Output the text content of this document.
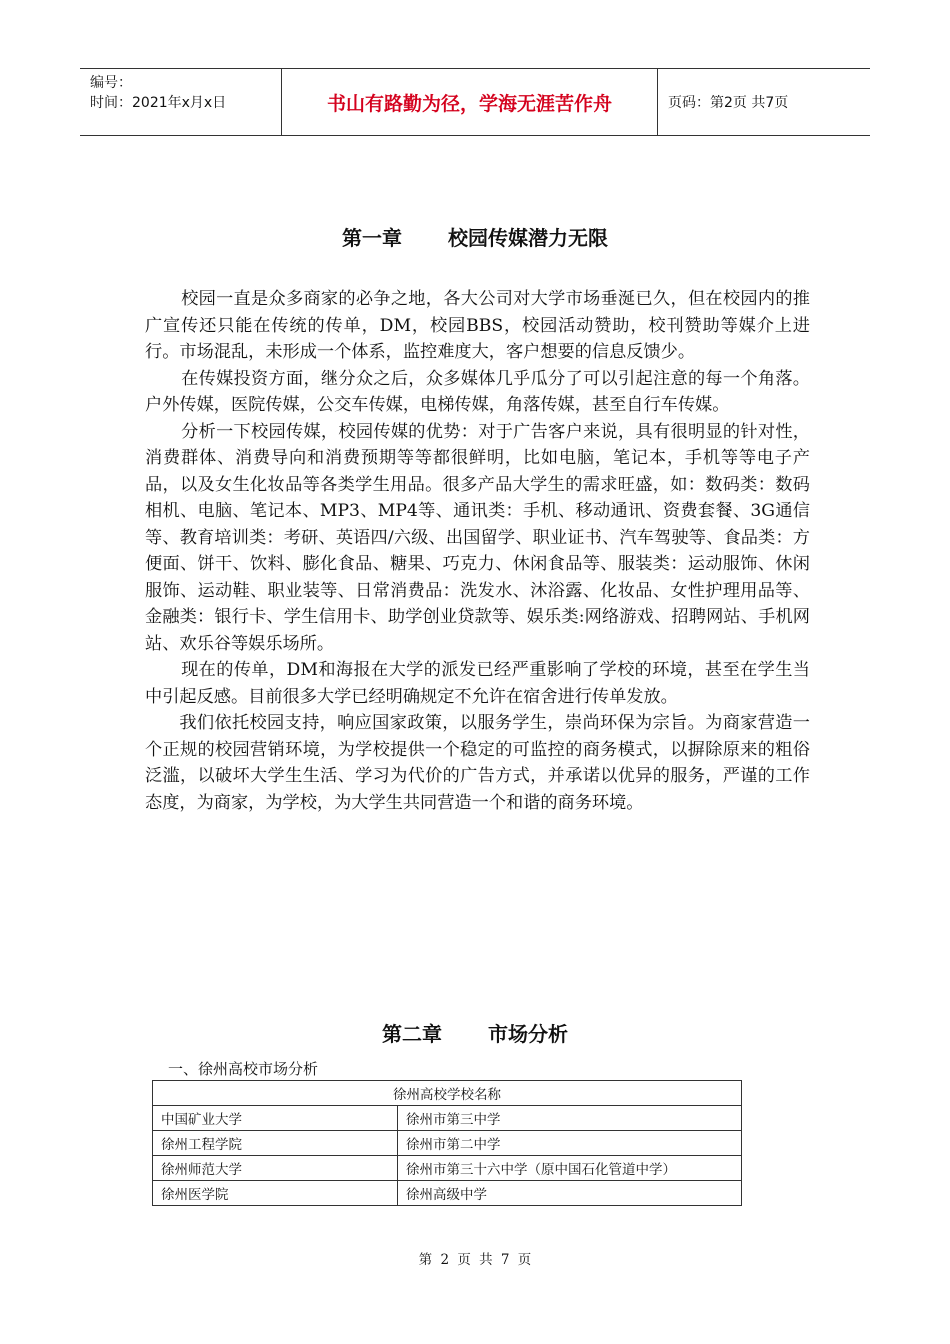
编号：
时间：2021年x月x日	书山有路勤为径，学海无涯苦作舟	页码：第2页 共7页
第一章 校园传媒潜力无限

校园一直是众多商家的必争之地，各大公司对大学市场垂涎已久，但在校园内的推广宣传还只能在传统的传单，DM，校园BBS，校园活动赞助，校刊赞助等媒介上进行。市场混乱，未形成一个体系，监控难度大，客户想要的信息反馈少。

在传媒投资方面，继分众之后，众多媒体几乎瓜分了可以引起注意的每一个角落。户外传媒，医院传媒，公交车传媒，电梯传媒，角落传媒，甚至自行车传媒。

分析一下校园传媒，校园传媒的优势：对于广告客户来说，具有很明显的针对性，消费群体、消费导向和消费预期等等都很鲜明，比如电脑，笔记本，手机等等电子产品，以及女生化妆品等各类学生用品。很多产品大学生的需求旺盛，如：数码类：数码相机、电脑、笔记本、MP3、MP4等、通讯类：手机、移动通讯、资费套餐、3G通信等、教育培训类：考研、英语四/六级、出国留学、职业证书、汽车驾驶等、食品类：方便面、饼干、饮料、膨化食品、糖果、巧克力、休闲食品等、服装类：运动服饰、休闲服饰、运动鞋、职业装等、日常消费品：洗发水、沐浴露、化妆品、女性护理用品等、金融类：银行卡、学生信用卡、助学创业贷款等、娱乐类:网络游戏、招聘网站、手机网站、欢乐谷等娱乐场所。

现在的传单，DM和海报在大学的派发已经严重影响了学校的环境，甚至在学生当中引起反感。目前很多大学已经明确规定不允许在宿舍进行传单发放。

我们依托校园支持，响应国家政策，以服务学生，崇尚环保为宗旨。为商家营造一个正规的校园营销环境，为学校提供一个稳定的可监控的商务模式，以摒除原来的粗俗泛滥，以破坏大学生生活、学习为代价的广告方式，并承诺以优异的服务，严谨的工作态度，为商家，为学校，为大学生共同营造一个和谐的商务环境。

第二章 市场分析
一、徐州高校市场分析
徐州高校学校名称	
中国矿业大学	徐州市第三中学
徐州工程学院	徐州市第二中学
徐州师范大学	徐州市第三十六中学（原中国石化管道中学）
徐州医学院	徐州高级中学
第 2 页 共 7 页
